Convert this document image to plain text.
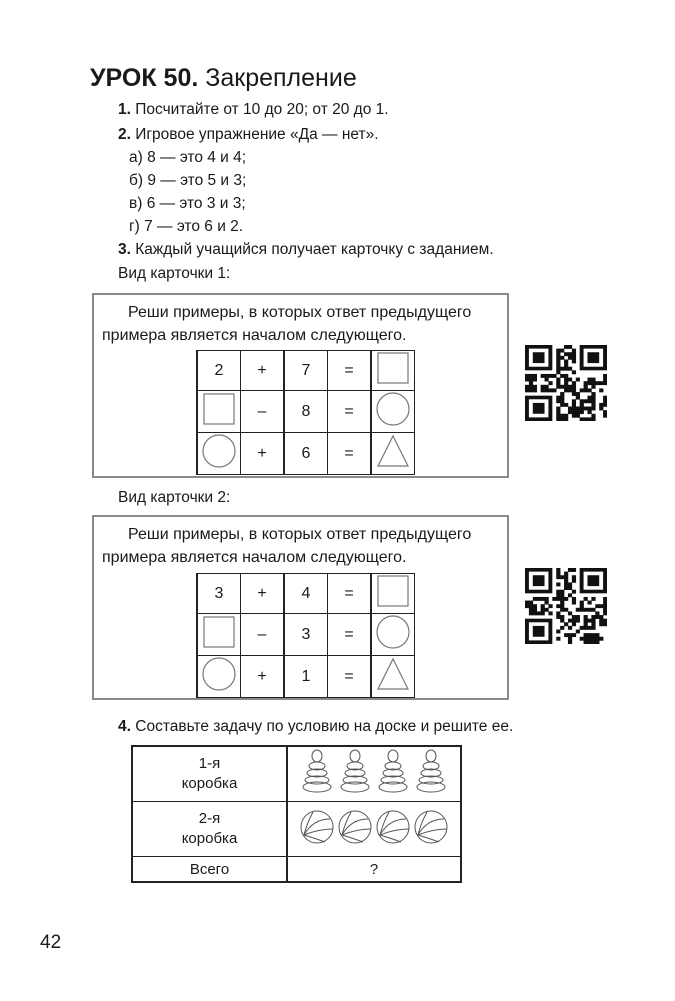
УРОК 50. Закрепление
1. Посчитайте от 10 до 20; от 20 до 1.
2. Игровое упражнение «Да — нет».
а) 8 — это 4 и 4;
б) 9 — это 5 и 3;
в) 6 — это 3 и 3;
г) 7 — это 6 и 2.
3. Каждый учащийся получает карточку с заданием.
Вид карточки 1:
Реши примеры, в которых ответ предыдущего
примера является началом следующего.
2	+	7	=	
	–	8	=	
	+	6	=	
Вид карточки 2:
Реши примеры, в которых ответ предыдущего
примера является началом следующего.
3	+	4	=	
	–	3	=	
	+	1	=	
4. Составьте задачу по условию на доске и решите ее.
1-я
коробка	
2-я
коробка	
Всего	?
42
